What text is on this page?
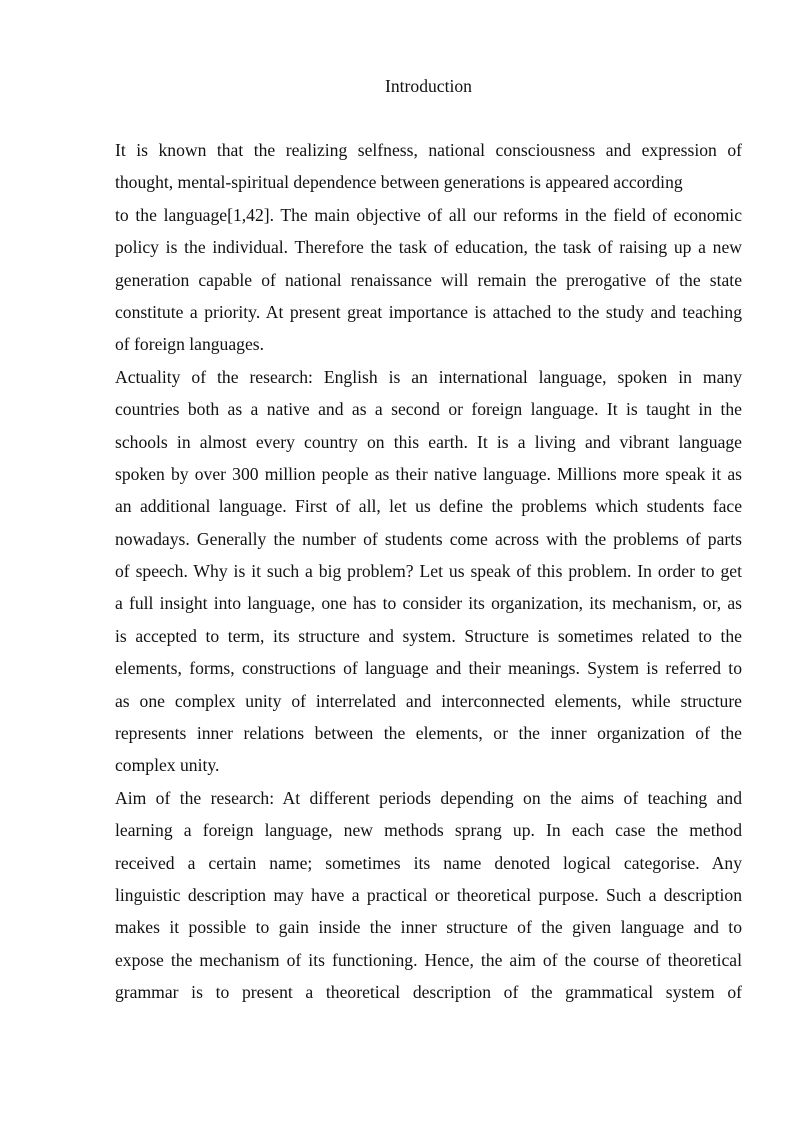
Introduction
It is known that the realizing selfness, national consciousness and expression of
thought, mental-spiritual dependence between generations is appeared according
to the language[1,42]. The main objective of all our reforms in the field of economic
policy is the individual. Therefore the task of education, the task of raising up a new
generation capable of national renaissance will remain the prerogative of the state
constitute a priority. At present great importance is attached to the study and teaching
of foreign languages.
Actuality of the research: English is an international language, spoken in many
countries both as a native and as a second or foreign language. It is taught in the
schools in almost every country on this earth. It is a living and vibrant language
spoken by over 300 million people as their native language. Millions more speak it as
an additional language. First of all, let us define the problems which students face
nowadays. Generally the number of students come across with the problems of parts
of speech. Why is it such a big problem? Let us speak of this problem. In order to get
a full insight into language, one has to consider its organization, its mechanism, or, as
is accepted to term, its structure and system. Structure is sometimes related to the
elements, forms, constructions of language and their meanings. System is referred to
as one complex unity of interrelated and interconnected elements, while structure
represents inner relations between the elements, or the inner organization of the
complex unity.
Aim of the research: At different periods depending on the aims of teaching and
learning a foreign language, new methods sprang up. In each case the method
received a certain name; sometimes its name denoted logical categorise. Any
linguistic description may have a practical or theoretical purpose. Such a description
makes it possible to gain inside the inner structure of the given language and to
expose the mechanism of its functioning. Hence, the aim of the course of theoretical
grammar is to present a theoretical description of the grammatical system of
